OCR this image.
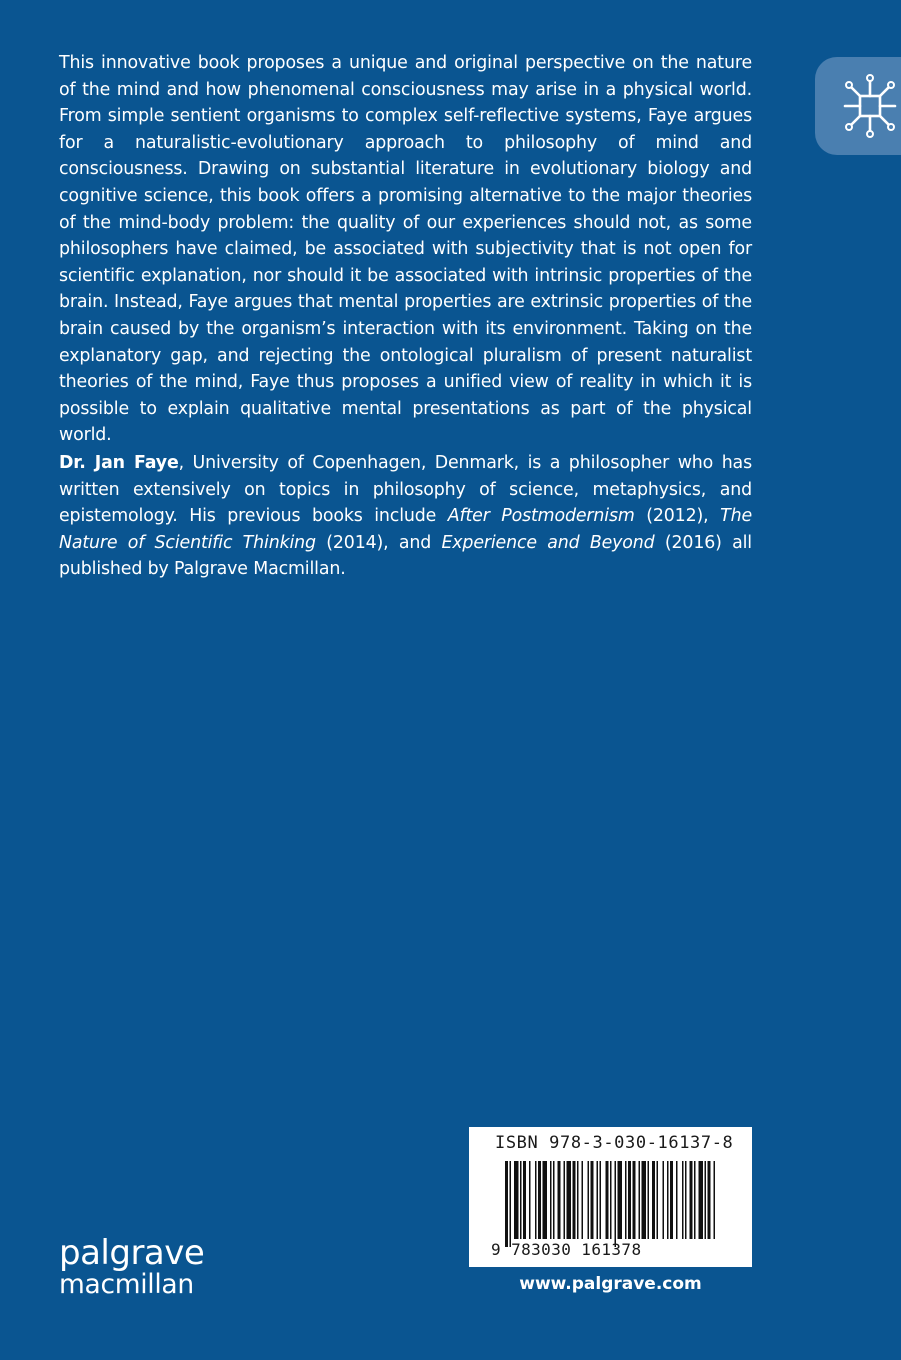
This innovative book proposes a unique and original perspective on the nature of the mind and how phenomenal consciousness may arise in a physical world. From simple sentient organisms to complex self-reflective systems, Faye argues for a naturalistic-evolutionary approach to philosophy of mind and consciousness. Drawing on substantial literature in evolutionary biology and cognitive science, this book offers a promising alternative to the major theories of the mind-body problem: the quality of our experiences should not, as some philosophers have claimed, be associated with subjectivity that is not open for scientific explanation, nor should it be associated with intrinsic properties of the brain. Instead, Faye argues that mental properties are extrinsic properties of the brain caused by the organism’s interaction with its environment. Taking on the explanatory gap, and rejecting the ontological pluralism of present naturalist theories of the mind, Faye thus proposes a unified view of reality in which it is possible to explain qualitative mental presentations as part of the physical world.

Dr. Jan Faye, University of Copenhagen, Denmark, is a philosopher who has written extensively on topics in philosophy of science, metaphysics, and epistemology. His previous books include After Postmodernism (2012), The Nature of Scientific Thinking (2014), and Experience and Beyond (2016) all published by Palgrave Macmillan.

ISBN 978-3-030-16137-8
9 783030 161378
www.palgrave.com
palgrave
macmillan
